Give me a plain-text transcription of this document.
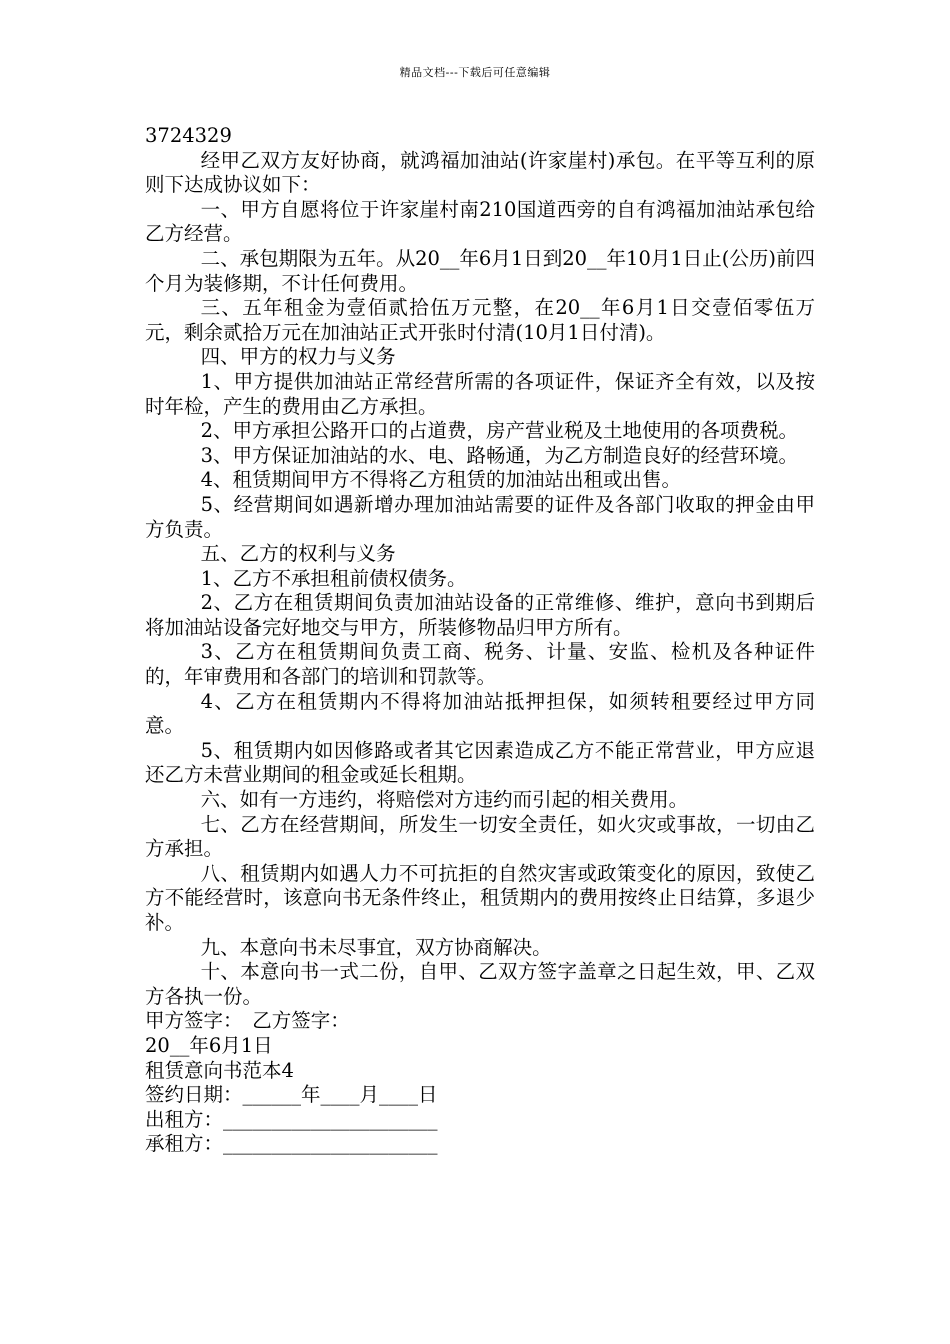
精品文档---下载后可任意编辑

3724329

经甲乙双方友好协商，就鸿福加油站(许家崖村)承包。在平等互利的原则下达成协议如下：

一、甲方自愿将位于许家崖村南210国道西旁的自有鸿福加油站承包给乙方经营。

二、承包期限为五年。从20__年6月1日到20__年10月1日止(公历)前四个月为装修期，不计任何费用。

三、五年租金为壹佰贰拾伍万元整，在20__年6月1日交壹佰零伍万元，剩余贰拾万元在加油站正式开张时付清(10月1日付清)。

四、甲方的权力与义务

1、甲方提供加油站正常经营所需的各项证件，保证齐全有效，以及按时年检，产生的费用由乙方承担。

2、甲方承担公路开口的占道费，房产营业税及土地使用的各项费税。

3、甲方保证加油站的水、电、路畅通，为乙方制造良好的经营环境。

4、租赁期间甲方不得将乙方租赁的加油站出租或出售。

5、经营期间如遇新增办理加油站需要的证件及各部门收取的押金由甲方负责。

五、乙方的权利与义务

1、乙方不承担租前债权债务。

2、乙方在租赁期间负责加油站设备的正常维修、维护，意向书到期后将加油站设备完好地交与甲方，所装修物品归甲方所有。

3、乙方在租赁期间负责工商、税务、计量、安监、检机及各种证件的，年审费用和各部门的培训和罚款等。

4、乙方在租赁期内不得将加油站抵押担保，如须转租要经过甲方同意。

5、租赁期内如因修路或者其它因素造成乙方不能正常营业，甲方应退还乙方未营业期间的租金或延长租期。

六、如有一方违约，将赔偿对方违约而引起的相关费用。

七、乙方在经营期间，所发生一切安全责任，如火灾或事故，一切由乙方承担。

八、租赁期内如遇人力不可抗拒的自然灾害或政策变化的原因，致使乙方不能经营时，该意向书无条件终止，租赁期内的费用按终止日结算，多退少补。

九、本意向书未尽事宜，双方协商解决。

十、本意向书一式二份，自甲、乙双方签字盖章之日起生效，甲、乙双方各执一份。

甲方签字：　乙方签字：

20__年6月1日

租赁意向书范本4

签约日期：______年____月____日

出租方：______________________

承租方：______________________
